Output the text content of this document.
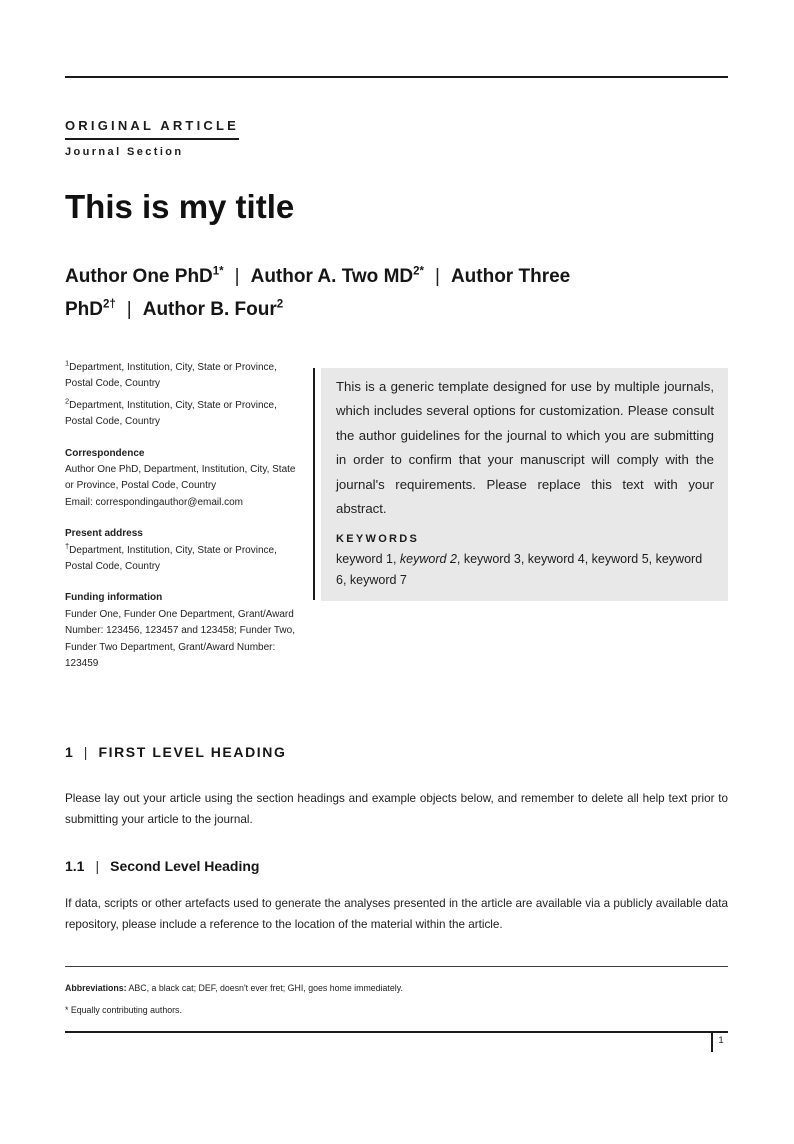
ORIGINAL ARTICLE
Journal Section
This is my title
Author One PhD$^{1*}$ | Author A. Two $MD^{2*}$ | Author Three PhD$^{2\dagger}$ | Author B. Four$^2$

$^1$Department, Institution, City, State or Province, Postal Code, Country

$^2$Department, Institution, City, State or Province, Postal Code, Country

Correspondence

Author One PhD, Department, Institution, City, State or Province, Postal Code, Country

Email: correspondingauthor@email.com

Present address

†Department, Institution, City, State or Province, Postal Code, Country

Funding information

Funder One, Funder One Department, Grant/Award Number: 123456, 123457 and 123458; Funder Two, Funder Two Department, Grant/Award Number: 123459

This is a generic template designed for use by multiple journals, which includes several options for customization. Please consult the author guidelines for the journal to which you are submitting in order to confirm that your manuscript will comply with the journal's requirements. Please replace this text with your abstract.

KEYWORDS

keyword 1, keyword 2, keyword 3, keyword 4, keyword 5, keyword 6, keyword 7

1 | FIRST LEVEL HEADING

Please lay out your article using the section headings and example objects below, and remember to delete all help text prior to submitting your article to the journal.

1.1 | Second Level Heading

If data, scripts or other artefacts used to generate the analyses presented in the article are available via a publicly available data repository, please include a reference to the location of the material within the article.

Abbreviations: ABC, a black cat; DEF, doesn't ever fret; GHI, goes home immediately.

* Equally contributing authors.

1
